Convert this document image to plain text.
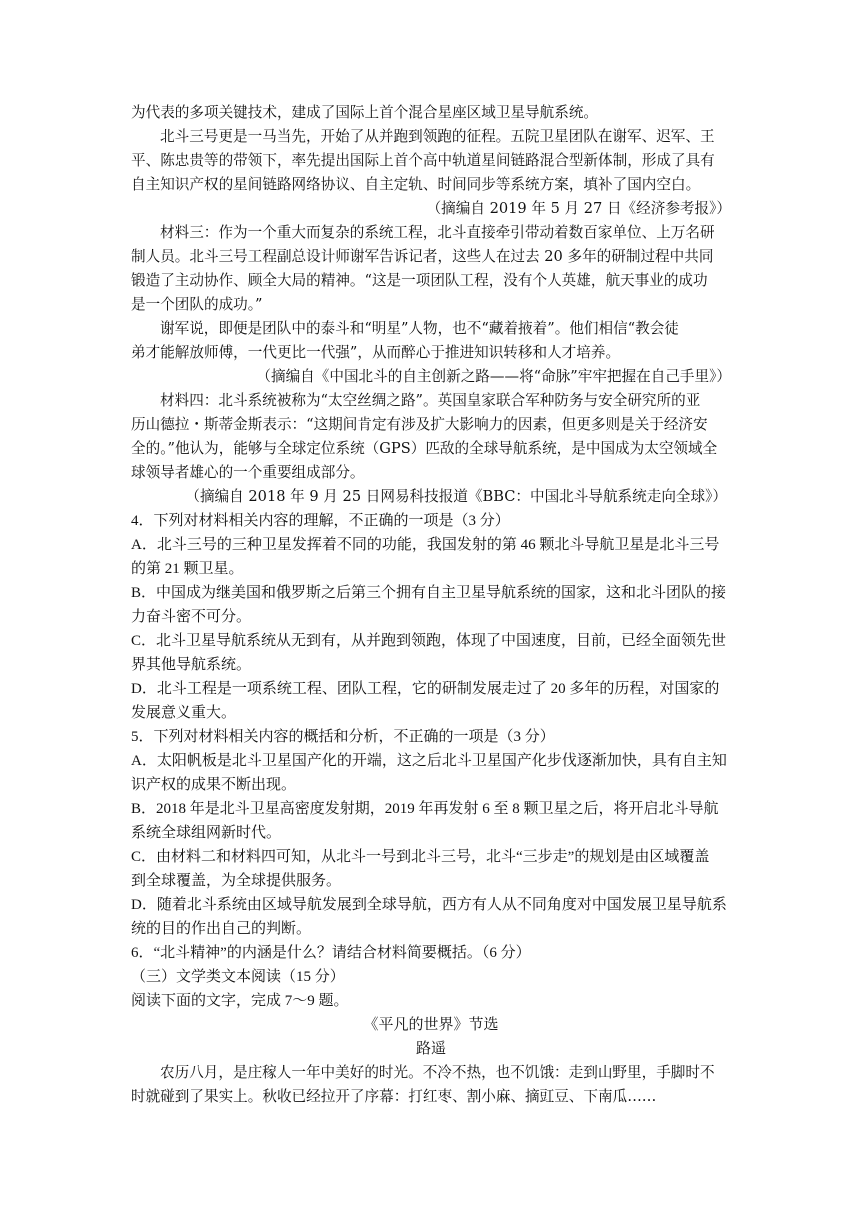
为代表的多项关键技术，建成了国际上首个混合星座区域卫星导航系统。
北斗三号更是一马当先，开始了从并跑到领跑的征程。五院卫星团队在谢军、迟军、王
平、陈忠贵等的带领下，率先提出国际上首个高中轨道星间链路混合型新体制，形成了具有
自主知识产权的星间链路网络协议、自主定轨、时间同步等系统方案，填补了国内空白。
（摘编自 2019 年 5 月 27 日《经济参考报》）
材料三：作为一个重大而复杂的系统工程，北斗直接牵引带动着数百家单位、上万名研
制人员。北斗三号工程副总设计师谢军告诉记者，这些人在过去 20 多年的研制过程中共同
锻造了主动协作、顾全大局的精神。“这是一项团队工程，没有个人英雄，航天事业的成功
是一个团队的成功。”
谢军说，即便是团队中的泰斗和“明星”人物，也不“藏着掖着”。他们相信“教会徒
弟才能解放师傅，一代更比一代强”，从而醉心于推进知识转移和人才培养。
（摘编自《中国北斗的自主创新之路——将“命脉”牢牢把握在自己手里》）
材料四：北斗系统被称为“太空丝绸之路”。英国皇家联合军种防务与安全研究所的亚
历山德拉・斯蒂金斯表示：“这期间肯定有涉及扩大影响力的因素，但更多则是关于经济安
全的。”他认为，能够与全球定位系统（GPS）匹敌的全球导航系统，是中国成为太空领域全
球领导者雄心的一个重要组成部分。
（摘编自 2018 年 9 月 25 日网易科技报道《BBC：中国北斗导航系统走向全球》）
4．下列对材料相关内容的理解，不正确的一项是（3 分）
A．北斗三号的三种卫星发挥着不同的功能，我国发射的第 46 颗北斗导航卫星是北斗三号
的第 21 颗卫星。
B．中国成为继美国和俄罗斯之后第三个拥有自主卫星导航系统的国家，这和北斗团队的接
力奋斗密不可分。
C．北斗卫星导航系统从无到有，从并跑到领跑，体现了中国速度，目前，已经全面领先世
界其他导航系统。
D．北斗工程是一项系统工程、团队工程，它的研制发展走过了 20 多年的历程，对国家的
发展意义重大。
5．下列对材料相关内容的概括和分析，不正确的一项是（3 分）
A．太阳帆板是北斗卫星国产化的开端，这之后北斗卫星国产化步伐逐渐加快，具有自主知
识产权的成果不断出现。
B．2018 年是北斗卫星高密度发射期，2019 年再发射 6 至 8 颗卫星之后，将开启北斗导航
系统全球组网新时代。
C．由材料二和材料四可知，从北斗一号到北斗三号，北斗“三步走”的规划是由区域覆盖
到全球覆盖，为全球提供服务。
D．随着北斗系统由区域导航发展到全球导航，西方有人从不同角度对中国发展卫星导航系
统的目的作出自己的判断。
6．“北斗精神”的内涵是什么？请结合材料简要概括。（6 分）
（三）文学类文本阅读（15 分）
阅读下面的文字，完成 7～9 题。
《平凡的世界》节选
路遥
农历八月，是庄稼人一年中美好的时光。不冷不热，也不饥饿：走到山野里，手脚时不
时就碰到了果实上。秋收已经拉开了序幕：打红枣、割小麻、摘豇豆、下南瓜……
